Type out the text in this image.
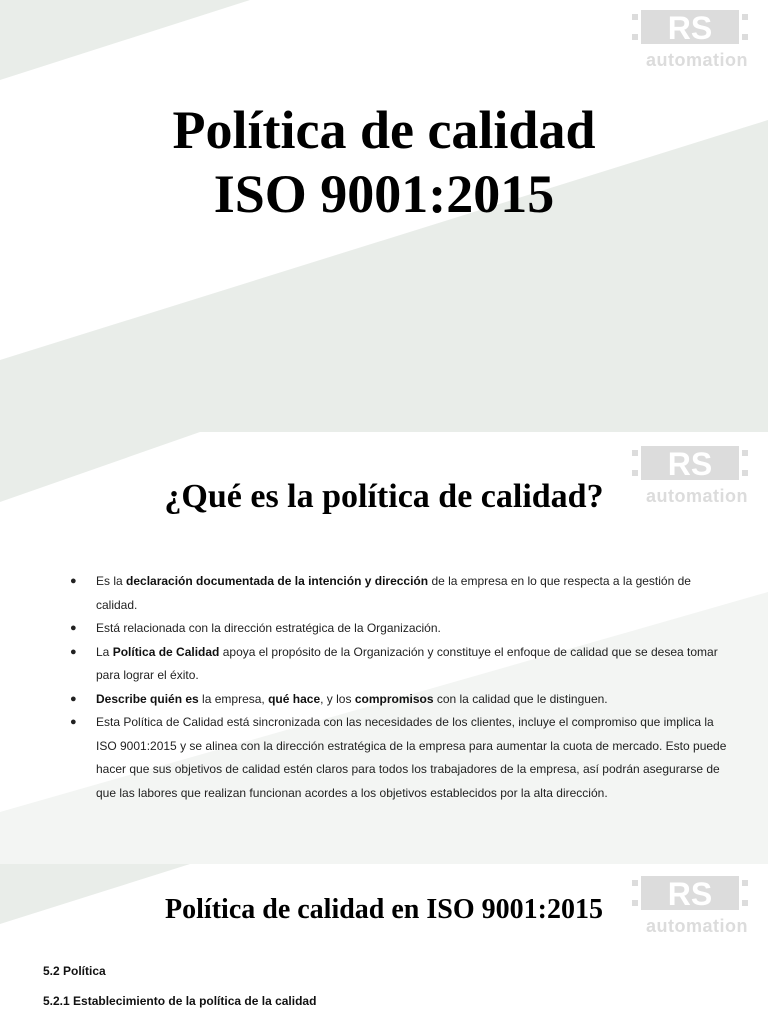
RS
automation
Política de calidad
ISO 9001:2015
RS
automation
¿Qué es la política de calidad?
● Es la declaración documentada de la intención y dirección de la empresa en lo que respecta a la gestión de calidad.
● Está relacionada con la dirección estratégica de la Organización.
● La Política de Calidad apoya el propósito de la Organización y constituye el enfoque de calidad que se desea tomar para lograr el éxito.
● Describe quién es la empresa, qué hace, y los compromisos con la calidad que le distinguen.
● Esta Política de Calidad está sincronizada con las necesidades de los clientes, incluye el compromiso que implica la ISO 9001:2015 y se alinea con la dirección estratégica de la empresa para aumentar la cuota de mercado. Esto puede hacer que sus objetivos de calidad estén claros para todos los trabajadores de la empresa, así podrán asegurarse de que las labores que realizan funcionan acordes a los objetivos establecidos por la alta dirección.
RS
automation
Política de calidad en ISO 9001:2015
5.2 Política
5.2.1 Establecimiento de la política de la calidad
